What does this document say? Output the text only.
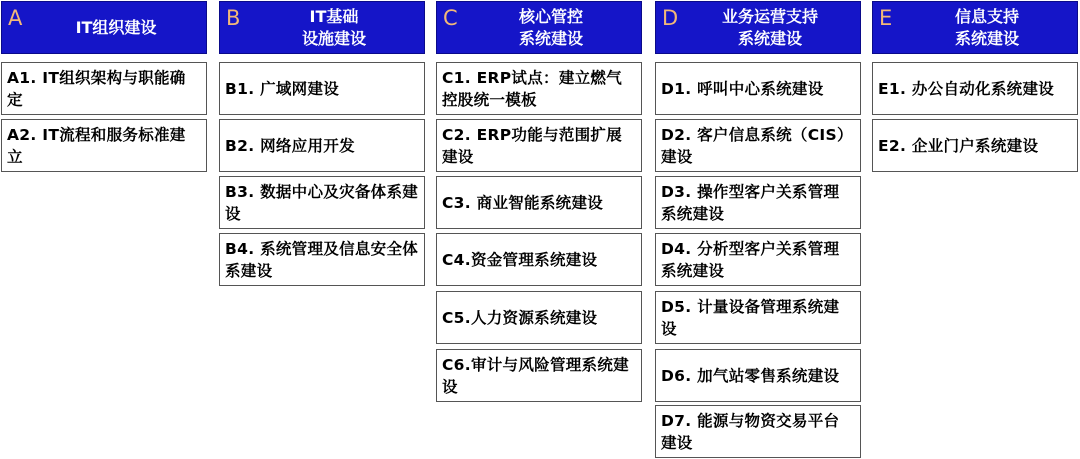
A	IT组织建设
A1. IT组织架构与职能确定
A2. IT流程和服务标准建立
B	IT基础
设施建设
B1. 广域网建设
B2. 网络应用开发
B3. 数据中心及灾备体系建设
B4. 系统管理及信息安全体系建设
C	核心管控
系统建设
C1. ERP试点：建立燃气控股统一模板
C2. ERP功能与范围扩展建设
C3. 商业智能系统建设
C4.资金管理系统建设
C5.人力资源系统建设
C6.审计与风险管理系统建设
D	业务运营支持
系统建设
D1. 呼叫中心系统建设
D2. 客户信息系统（CIS）建设
D3. 操作型客户关系管理系统建设
D4. 分析型客户关系管理系统建设
D5. 计量设备管理系统建设
D6. 加气站零售系统建设
D7. 能源与物资交易平台建设
E	信息支持
系统建设
E1. 办公自动化系统建设
E2. 企业门户系统建设
